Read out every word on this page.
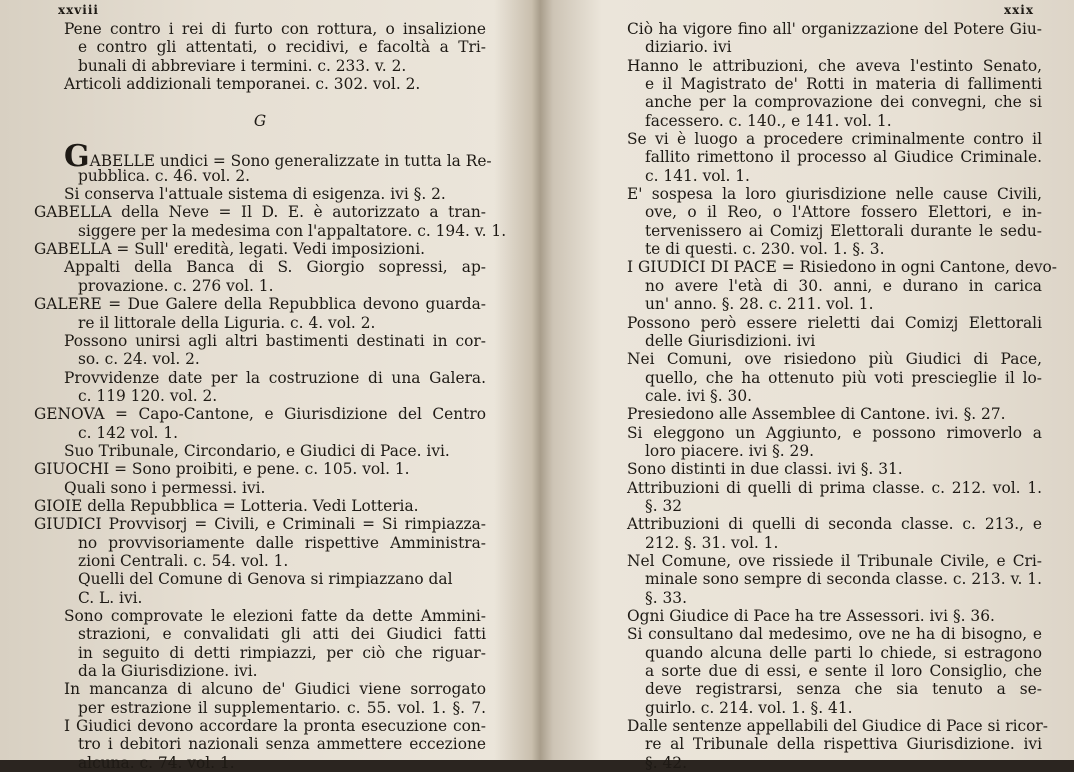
xxviii
Pene contro i rei di furto con rottura, o insalizione
e contro gli attentati, o recidivi, e facoltà a Tri-
bunali di abbreviare i termini. c. 233. v. 2.
Articoli addizionali temporanei. c. 302. vol. 2.
G
GABELLE undici = Sono generalizzate in tutta la Re-
pubblica. c. 46. vol. 2.
Si conserva l'attuale sistema di esigenza. ivi §. 2.
GABELLA della Neve = Il D. E. è autorizzato a tran-
siggere per la medesima con l'appaltatore. c. 194. v. 1.
GABELLA = Sull' eredità, legati. Vedi imposizioni.
Appalti della Banca di S. Giorgio sopressi, ap-
provazione. c. 276 vol. 1.
GALERE = Due Galere della Repubblica devono guarda-
re il littorale della Liguria. c. 4. vol. 2.
Possono unirsi agli altri bastimenti destinati in cor-
so. c. 24. vol. 2.
Provvidenze date per la costruzione di una Galera.
c. 119 120. vol. 2.
GENOVA = Capo-Cantone, e Giurisdizione del Centro
c. 142 vol. 1.
Suo Tribunale, Circondario, e Giudici di Pace. ivi.
GIUOCHI = Sono proibiti, e pene. c. 105. vol. 1.
Quali sono i permessi. ivi.
GIOIE della Repubblica = Lotteria. Vedi Lotteria.
GIUDICI Provvisorj = Civili, e Criminali = Si rimpiazza-
no provvisoriamente dalle rispettive Amministra-
zioni Centrali. c. 54. vol. 1.
Quelli del Comune di Genova si rimpiazzano dal
C. L. ivi.
Sono comprovate le elezioni fatte da dette Ammini-
strazioni, e convalidati gli atti dei Giudici fatti
in seguito di detti rimpiazzi, per ciò che riguar-
da la Giurisdizione. ivi.
In mancanza di alcuno de' Giudici viene sorrogato
per estrazione il supplementario. c. 55. vol. 1. §. 7.
I Giudici devono accordare la pronta esecuzione con-
tro i debitori nazionali senza ammettere eccezione
alcuna. c. 74. vol. 1.
xxix
Ciò ha vigore fino all' organizzazione del Potere Giu-
diziario. ivi
Hanno le attribuzioni, che aveva l'estinto Senato,
e il Magistrato de' Rotti in materia di fallimenti
anche per la comprovazione dei convegni, che si
facessero. c. 140., e 141. vol. 1.
Se vi è luogo a procedere criminalmente contro il
fallito rimettono il processo al Giudice Criminale.
c. 141. vol. 1.
E' sospesa la loro giurisdizione nelle cause Civili,
ove, o il Reo, o l'Attore fossero Elettori, e in-
tervenissero ai Comizj Elettorali durante le sedu-
te di questi. c. 230. vol. 1. §. 3.
I GIUDICI DI PACE = Risiedono in ogni Cantone, devo-
no avere l'età di 30. anni, e durano in carica
un' anno. §. 28. c. 211. vol. 1.
Possono però essere rieletti dai Comizj Elettorali
delle Giurisdizioni. ivi
Nei Comuni, ove risiedono più Giudici di Pace,
quello, che ha ottenuto più voti prescieglie il lo-
cale. ivi §. 30.
Presiedono alle Assemblee di Cantone. ivi. §. 27.
Si eleggono un Aggiunto, e possono rimoverlo a
loro piacere. ivi §. 29.
Sono distinti in due classi. ivi §. 31.
Attribuzioni di quelli di prima classe. c. 212. vol. 1.
§. 32
Attribuzioni di quelli di seconda classe. c. 213., e
212. §. 31. vol. 1.
Nel Comune, ove rissiede il Tribunale Civile, e Cri-
minale sono sempre di seconda classe. c. 213. v. 1.
§. 33.
Ogni Giudice di Pace ha tre Assessori. ivi §. 36.
Si consultano dal medesimo, ove ne ha di bisogno, e
quando alcuna delle parti lo chiede, si estragono
a sorte due di essi, e sente il loro Consiglio, che
deve registrarsi, senza che sia tenuto a se-
guirlo. c. 214. vol. 1. §. 41.
Dalle sentenze appellabili del Giudice di Pace si ricor-
re al Tribunale della rispettiva Giurisdizione. ivi
§. 42.
